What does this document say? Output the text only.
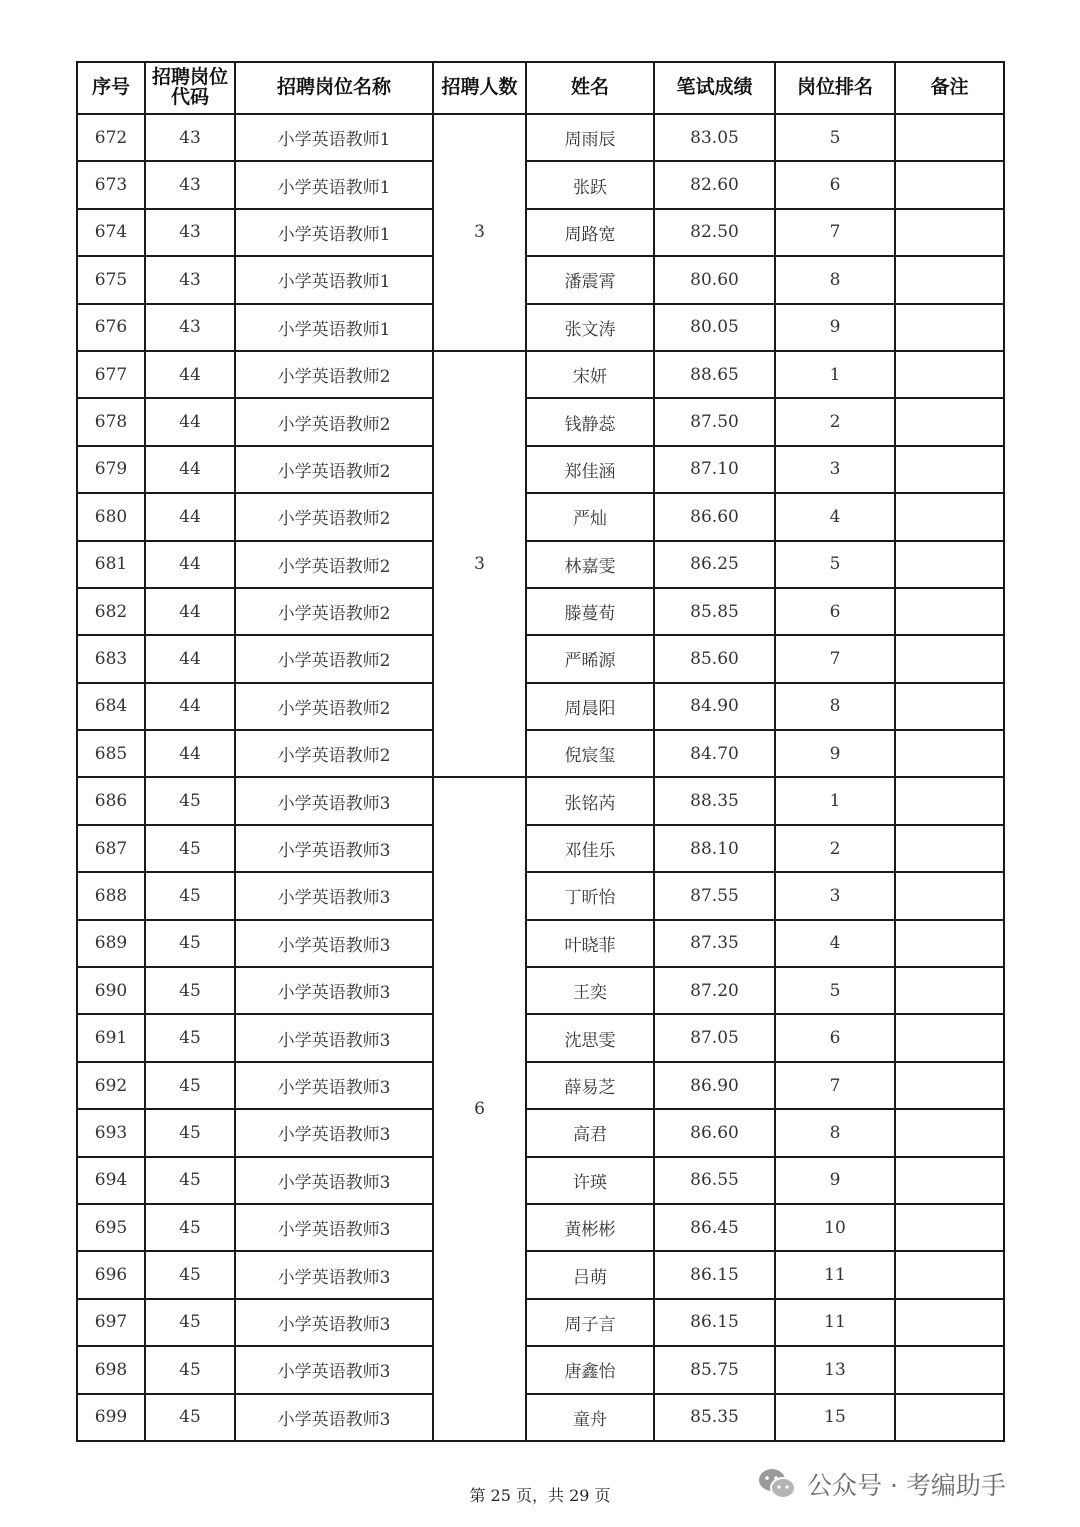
序号	招聘岗位代码	招聘岗位名称	招聘人数	姓名	笔试成绩	岗位排名	备注
672	43	小学英语教师1	3	周雨辰	83.05	5	
673	43	小学英语教师1		张跃	82.60	6	
674	43	小学英语教师1		周路宽	82.50	7	
675	43	小学英语教师1		潘震霄	80.60	8	
676	43	小学英语教师1		张文涛	80.05	9	
677	44	小学英语教师2	3	宋妍	88.65	1	
678	44	小学英语教师2		钱静蕊	87.50	2	
679	44	小学英语教师2		郑佳涵	87.10	3	
680	44	小学英语教师2		严灿	86.60	4	
681	44	小学英语教师2		林嘉雯	86.25	5	
682	44	小学英语教师2		滕蔓荀	85.85	6	
683	44	小学英语教师2		严晞源	85.60	7	
684	44	小学英语教师2		周晨阳	84.90	8	
685	44	小学英语教师2		倪宸玺	84.70	9	
686	45	小学英语教师3	6	张铭芮	88.35	1	
687	45	小学英语教师3		邓佳乐	88.10	2	
688	45	小学英语教师3		丁昕怡	87.55	3	
689	45	小学英语教师3		叶晓菲	87.35	4	
690	45	小学英语教师3		王奕	87.20	5	
691	45	小学英语教师3		沈思雯	87.05	6	
692	45	小学英语教师3		薛易芝	86.90	7	
693	45	小学英语教师3		高君	86.60	8	
694	45	小学英语教师3		许瑛	86.55	9	
695	45	小学英语教师3		黄彬彬	86.45	10	
696	45	小学英语教师3		吕萌	86.15	11	
697	45	小学英语教师3		周子言	86.15	11	
698	45	小学英语教师3		唐鑫怡	85.75	13	
699	45	小学英语教师3		童舟	85.35	15	
第 25 页，共 29 页	公众号 · 考编助手
